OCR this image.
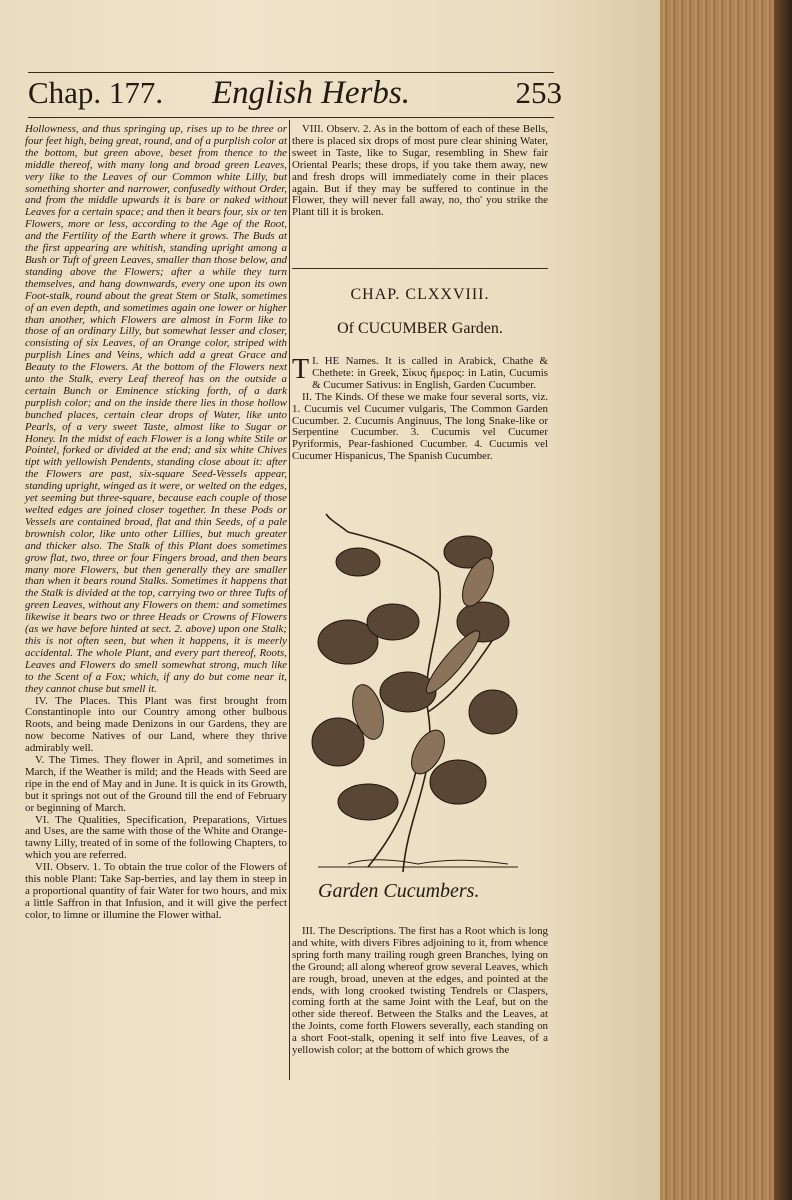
Chap. 177. English Herbs.	253

Hollowness, and thus springing up, rises up to be three or four feet high, being great, round, and of a purplish color at the bottom, but green above, beset from thence to the middle thereof, with many long and broad green Leaves, very like to the Leaves of our Common white Lilly, but something shorter and narrower, confusedly without Order, and from the middle upwards it is bare or naked without Leaves for a certain space; and then it bears four, six or ten Flowers, more or less, according to the Age of the Root, and the Fertility of the Earth where it grows. The Buds at the first appearing are whitish, standing upright among a Bush or Tuft of green Leaves, smaller than those below, and standing above the Flowers; after a while they turn themselves, and hang downwards, every one upon its own Foot-stalk, round about the great Stem or Stalk, sometimes of an even depth, and sometimes again one lower or higher than another, which Flowers are almost in Form like to those of an ordinary Lilly, but somewhat lesser and closer, consisting of six Leaves, of an Orange color, striped with purplish Lines and Veins, which add a great Grace and Beauty to the Flowers. At the bottom of the Flowers next unto the Stalk, every Leaf thereof has on the outside a certain Bunch or Eminence sticking forth, of a dark purplish color; and on the inside there lies in those hollow bunched places, certain clear drops of Water, like unto Pearls, of a very sweet Taste, almost like to Sugar or Honey. In the midst of each Flower is a long white Stile or Pointel, forked or divided at the end; and six white Chives tipt with yellowish Pendents, standing close about it: after the Flowers are past, six-square Seed-Vessels appear, standing upright, winged as it were, or welted on the edges, yet seeming but three-square, because each couple of those welted edges are joined closer together. In these Pods or Vessels are contained broad, flat and thin Seeds, of a pale brownish color, like unto other Lillies, but much greater and thicker also. The Stalk of this Plant does sometimes grow flat, two, three or four Fingers broad, and then bears many more Flowers, but then generally they are smaller than when it bears round Stalks. Sometimes it happens that the Stalk is divided at the top, carrying two or three Tufts of green Leaves, without any Flowers on them: and sometimes likewise it bears two or three Heads or Crowns of Flowers (as we have before hinted at sect. 2. above) upon one Stalk; this is not often seen, but when it happens, it is meerly accidental. The whole Plant, and every part thereof, Roots, Leaves and Flowers do smell somewhat strong, much like to the Scent of a Fox; which, if any do but come near it, they cannot chuse but smell it.

IV. The Places. This Plant was first brought from Constantinople into our Country among other bulbous Roots, and being made Denizons in our Gardens, they are now become Natives of our Land, where they thrive admirably well.

V. The Times. They flower in April, and sometimes in March, if the Weather is mild; and the Heads with Seed are ripe in the end of May and in June. It is quick in its Growth, but it springs not out of the Ground till the end of February or beginning of March.

VI. The Qualities, Specification, Preparations, Virtues and Uses, are the same with those of the White and Orange-tawny Lilly, treated of in some of the following Chapters, to which you are referred.

VII. Observ. 1. To obtain the true color of the Flowers of this noble Plant: Take Sap-berries, and lay them in steep in a proportional quantity of fair Water for two hours, and mix a little Saffron in that Infusion, and it will give the perfect color, to limne or illumine the Flower withal.

VIII. Observ. 2. As in the bottom of each of these Bells, there is placed six drops of most pure clear shining Water, sweet in Taste, like to Sugar, resembling in Shew fair Oriental Pearls; these drops, if you take them away, new and fresh drops will immediately come in their places again. But if they may be suffered to continue in the Flower, they will never fall away, no, tho' you strike the Plant till it is broken.

CHAP. CLXXVIII.
Of CUCUMBER Garden.

T I. HE Names. It is called in Arabick, Chathe & Chethete: in Greek, Σίκυς ἥμερος: in Latin, Cucumis & Cucumer Sativus: in English, Garden Cucumber.

II. The Kinds. Of these we make four several sorts, viz. 1. Cucumis vel Cucumer vulgaris, The Common Garden Cucumber. 2. Cucumis Anginuus, The long Snake-like or Serpentine Cucumber. 3. Cucumis vel Cucumer Pyriformis, Pear-fashioned Cucumber. 4. Cucumis vel Cucumer Hispanicus, The Spanish Cucumber.

Garden Cucumbers.
III. The Descriptions. The first has a Root which is long and white, with divers Fibres adjoining to it, from whence spring forth many trailing rough green Branches, lying on the Ground; all along whereof grow several Leaves, which are rough, broad, uneven at the edges, and pointed at the ends, with long crooked twisting Tendrels or Claspers, coming forth at the same Joint with the Leaf, but on the other side thereof. Between the Stalks and the Leaves, at the Joints, come forth Flowers severally, each standing on a short Foot-stalk, opening it self into five Leaves, of a yellowish color; at the bottom of which grows the
